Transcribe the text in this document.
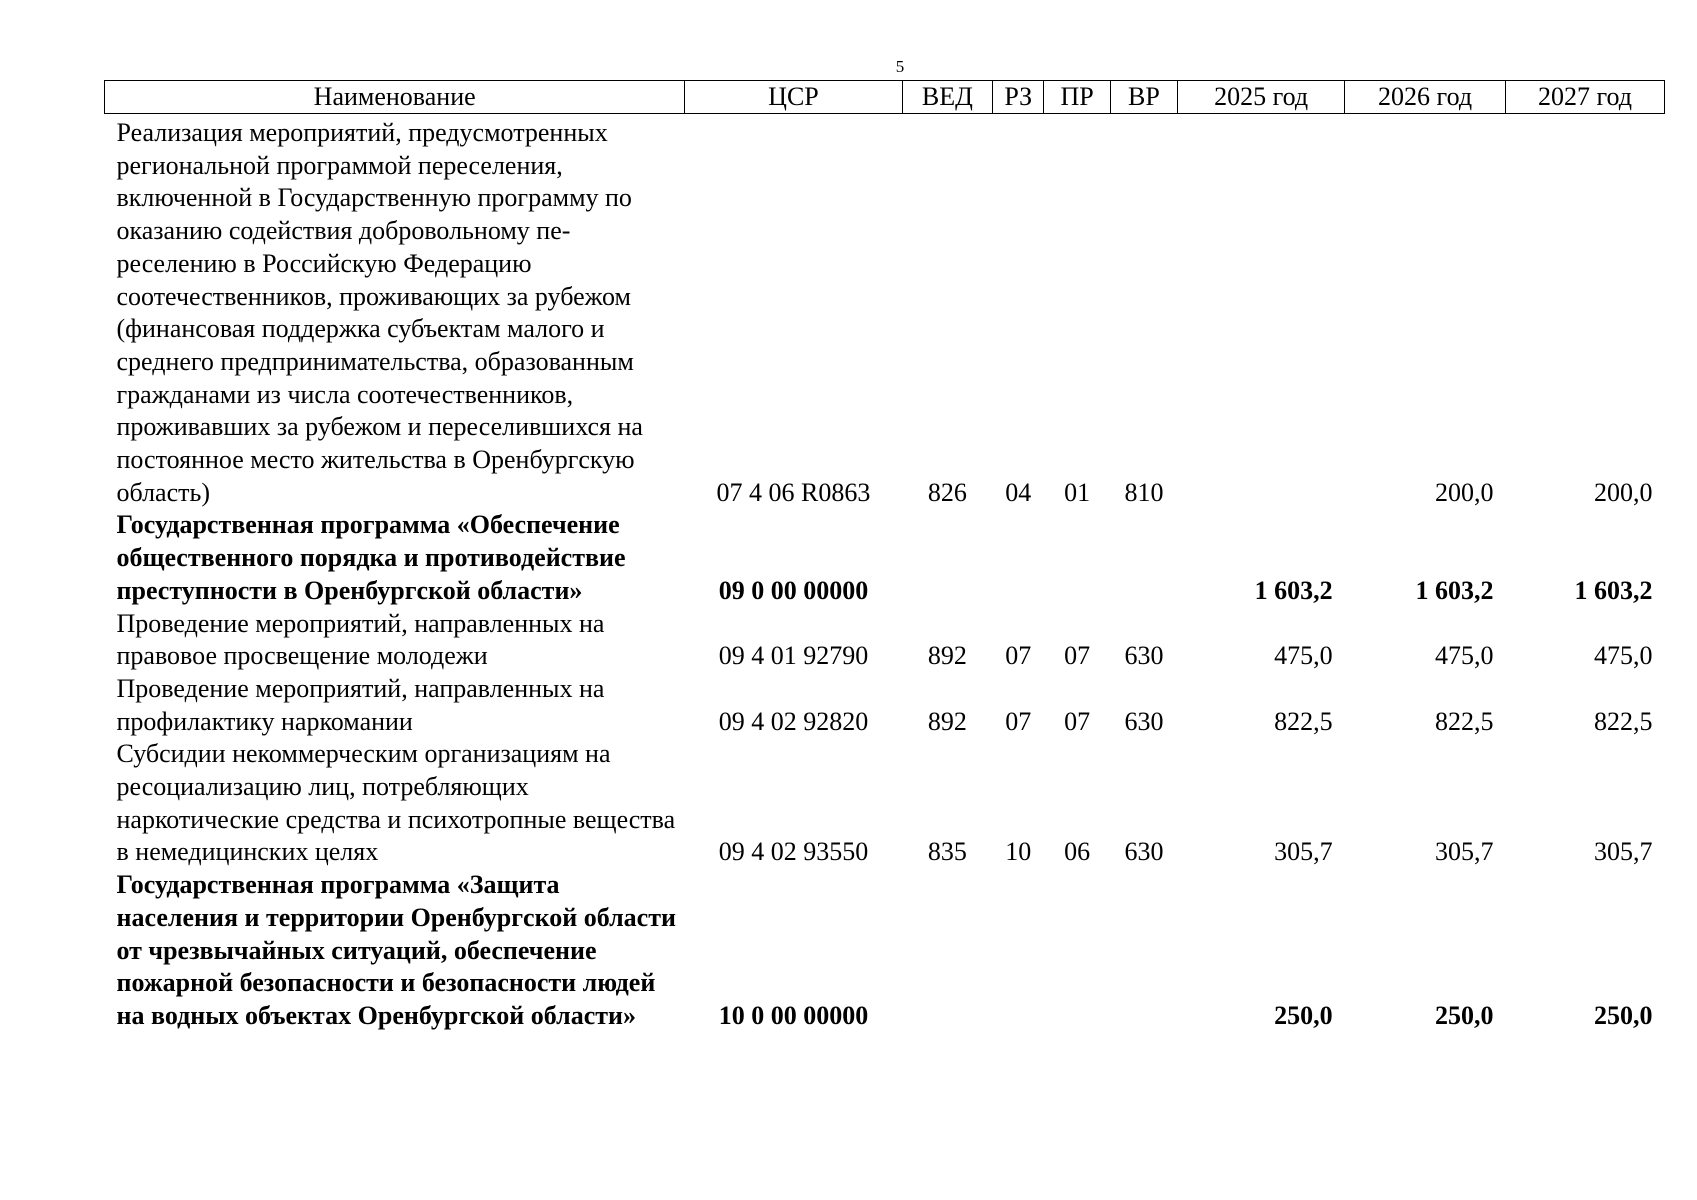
5
Наименование	ЦСР	ВЕД	РЗ	ПР	ВР	2025 год	2026 год	2027 год
Реализация мероприятий, предусмотренных региональной программой переселения, включенной в Государственную программу по оказанию содействия добровольному пе-реселению в Российскую Федерацию соотечественников, проживающих за рубежом (финансовая поддержка субъектам малого и среднего предпринимательства, образованным гражданами из числа соотечественников, проживавших за рубежом и переселившихся на постоянное место жительства в Оренбургскую область)	07 4 06 R0863	826	04	01	810		200,0	200,0
Государственная программа «Обеспечение общественного порядка и противодействие преступности в Оренбургской области»	09 0 00 00000					1 603,2	1 603,2	1 603,2
Проведение мероприятий, направленных на правовое просвещение молодежи	09 4 01 92790	892	07	07	630	475,0	475,0	475,0
Проведение мероприятий, направленных на профилактику наркомании	09 4 02 92820	892	07	07	630	822,5	822,5	822,5
Субсидии некоммерческим организациям на ресоциализацию лиц, потребляющих наркотические средства и психотропные вещества в немедицинских целях	09 4 02 93550	835	10	06	630	305,7	305,7	305,7
Государственная программа «Защита населения и территории Оренбургской области от чрезвычайных ситуаций, обеспечение пожарной безопасности и безопасности людей на водных объектах Оренбургской области»	10 0 00 00000					250,0	250,0	250,0
